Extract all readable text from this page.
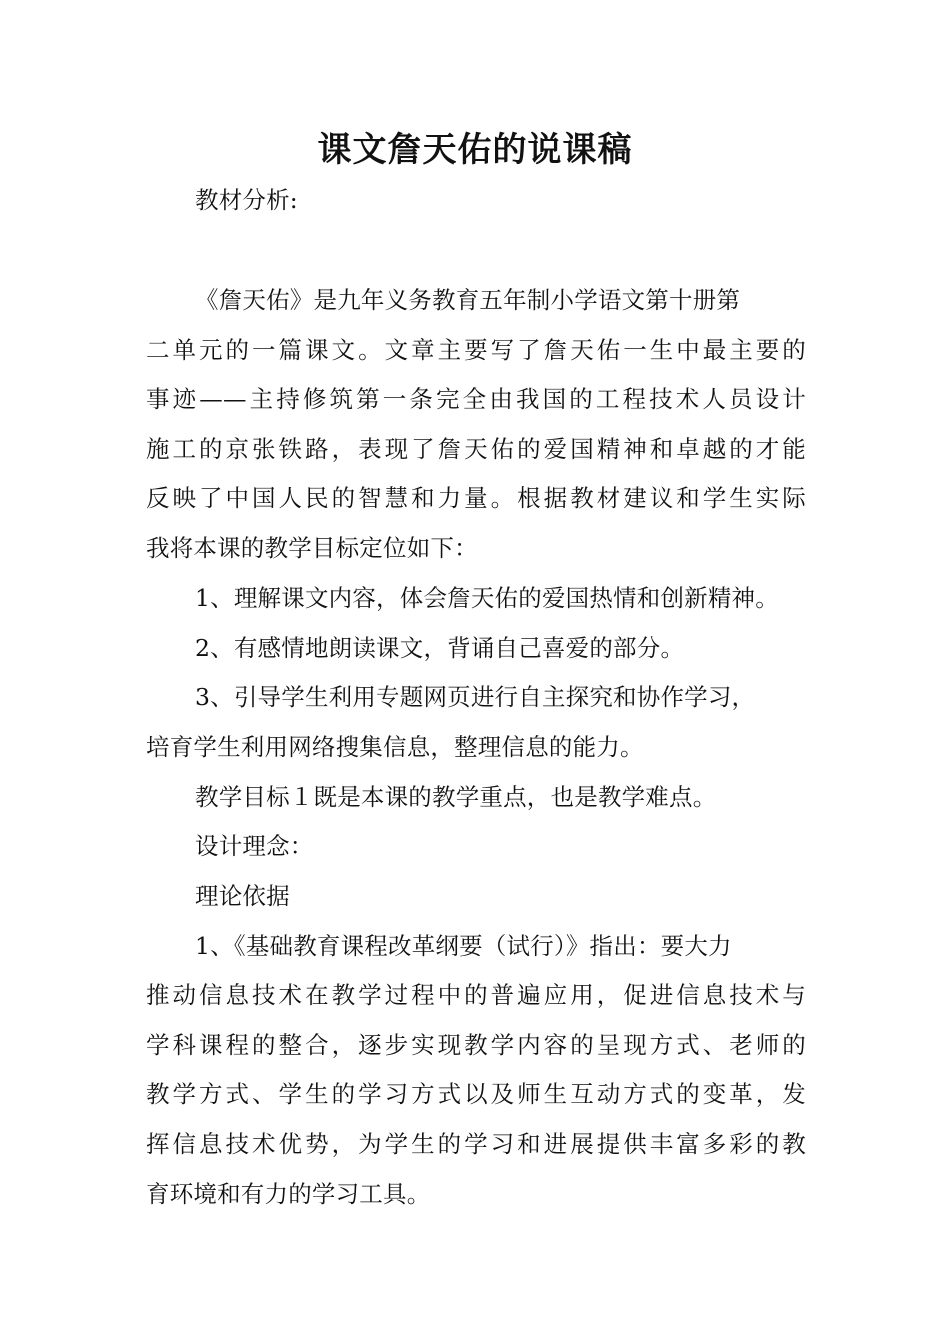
课文詹天佑的说课稿
教材分析:
《詹天佑》是九年义务教育五年制小学语文第十册第
二单元的一篇课文。文章主要写了詹天佑一生中最主要的
事迹——主持修筑第一条完全由我国的工程技术人员设计
施工的京张铁路，表现了詹天佑的爱国精神和卓越的才能
反映了中国人民的智慧和力量。根据教材建议和学生实际
我将本课的教学目标定位如下：
1、理解课文内容，体会詹天佑的爱国热情和创新精神。
2、有感情地朗读课文，背诵自己喜爱的部分。
3、引导学生利用专题网页进行自主探究和协作学习，
培育学生利用网络搜集信息，整理信息的能力。
教学目标１既是本课的教学重点，也是教学难点。
设计理念：
理论依据
1、《基础教育课程改革纲要（试行）》指出：要大力
推动信息技术在教学过程中的普遍应用，促进信息技术与
学科课程的整合，逐步实现教学内容的呈现方式、老师的
教学方式、学生的学习方式以及师生互动方式的变革，发
挥信息技术优势，为学生的学习和进展提供丰富多彩的教
育环境和有力的学习工具。
